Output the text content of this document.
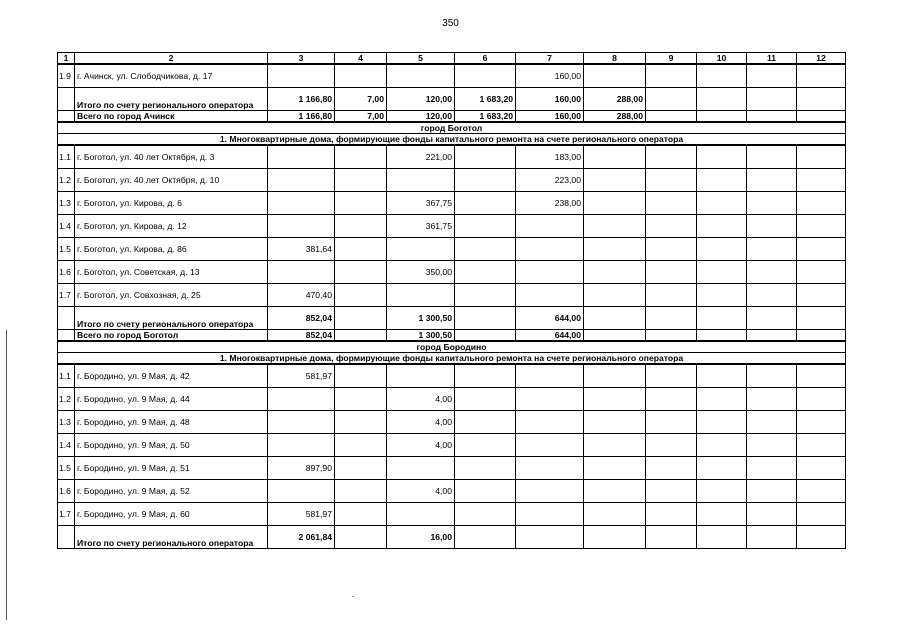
350
1	2	3	4	5	6	7	8	9	10	11	12
1.9	г. Ачинск, ул. Слободчикова, д. 17					160,00					
	Итого по счету регионального оператора	1 166,80	7,00	120,00	1 683,20	160,00	288,00				
	Всего по город Ачинск	1 166,80	7,00	120,00	1 683,20	160,00	288,00				
город Боготол											
1. Многоквартирные дома, формирующие фонды капитального ремонта на счете регионального оператора											
1.1	г. Боготол, ул. 40 лет Октября, д. 3			221,00		183,00					
1.2	г. Боготол, ул. 40 лет Октября, д. 10					223,00					
1.3	г. Боготол, ул. Кирова, д. 6			367,75		238,00					
1.4	г. Боготол, ул. Кирова, д. 12			361,75							
1.5	г. Боготол, ул. Кирова, д. 86	381,64									
1.6	г. Боготол, ул. Советская, д. 13			350,00							
1.7	г. Боготол, ул. Совхозная, д. 25	470,40									
	Итого по счету регионального оператора	852,04		1 300,50		644,00					
	Всего по город Боготол	852,04		1 300,50		644,00					
город Бородино											
1. Многоквартирные дома, формирующие фонды капитального ремонта на счете регионального оператора											
1.1	г. Бородино, ул. 9 Мая, д. 42	581,97									
1.2	г. Бородино, ул. 9 Мая, д. 44			4,00							
1.3	г. Бородино, ул. 9 Мая, д. 48			4,00							
1.4	г. Бородино, ул. 9 Мая, д. 50			4,00							
1.5	г. Бородино, ул. 9 Мая, д. 51	897,90									
1.6	г. Бородино, ул. 9 Мая, д. 52			4,00							
1.7	г. Бородино, ул. 9 Мая, д. 60	581,97									
	Итого по счету регионального оператора	2 061,84		16,00							
